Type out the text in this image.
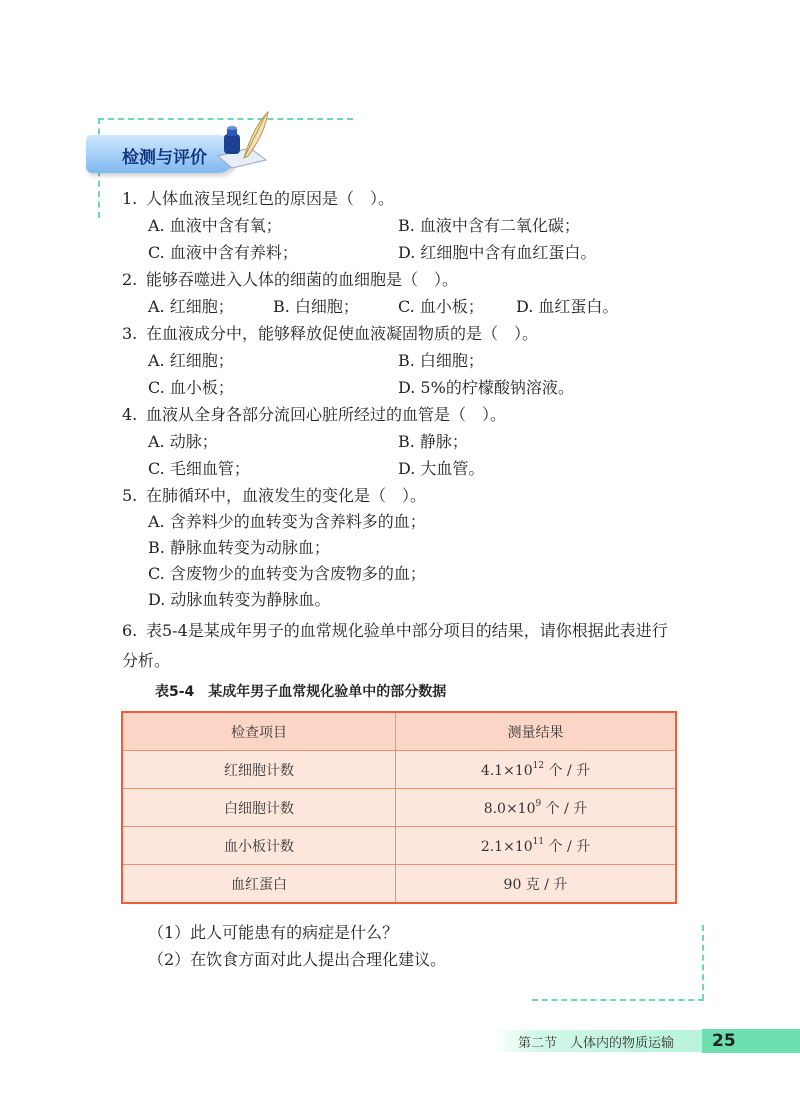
检测与评价
1. 人体血液呈现红色的原因是（　）。
A. 血液中含有氧；	B. 血液中含有二氧化碳；
C. 血液中含有养料；	D. 红细胞中含有血红蛋白。
2. 能够吞噬进入人体的细菌的血细胞是（　）。
A. 红细胞； B. 白细胞； C. 血小板； D. 血红蛋白。
3. 在血液成分中，能够释放促使血液凝固物质的是（　）。
A. 红细胞；	B. 白细胞；
C. 血小板；	D. 5%的柠檬酸钠溶液。
4. 血液从全身各部分流回心脏所经过的血管是（　）。
A. 动脉；	B. 静脉；
C. 毛细血管；	D. 大血管。
5. 在肺循环中，血液发生的变化是（　）。
A. 含养料少的血转变为含养料多的血；
B. 静脉血转变为动脉血；
C. 含废物少的血转变为含废物多的血；
D. 动脉血转变为静脉血。
6. 表5-4是某成年男子的血常规化验单中部分项目的结果，请你根据此表进行分析。
表5-4　某成年男子血常规化验单中的部分数据
检查项目	测量结果
红细胞计数	$4.1\times 10^{12}$ 个 / 升
白细胞计数	$8.0\times 10^9$ 个 / 升
血小板计数	$2.1\times 10^{11}$ 个 / 升
血红蛋白	90 克 / 升
（1）此人可能患有的病症是什么？
（2）在饮食方面对此人提出合理化建议。
第二节　人体内的物质运输	25
